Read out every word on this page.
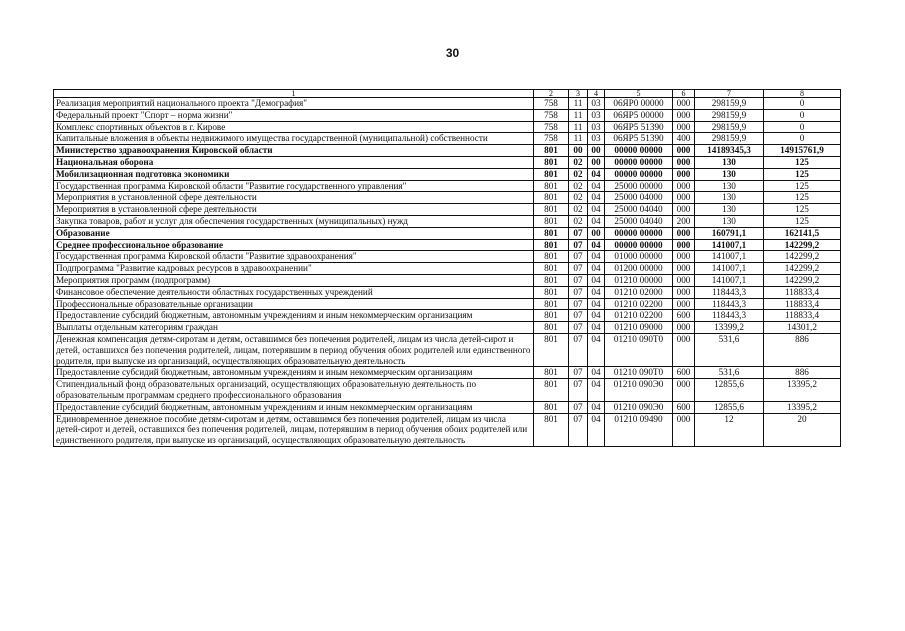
30
1	2	3	4	5	6	7	8
Реализация мероприятий национального проекта "Демография"	758	11	03	06ЯР0 00000	000	298159,9	0
Федеральный проект "Спорт – норма жизни"	758	11	03	06ЯР5 00000	000	298159,9	0
Комплекс спортивных объектов в г. Кирове	758	11	03	06ЯР5 51390	000	298159,9	0
Капитальные вложения в объекты недвижимого имущества государственной (муниципальной) собственности	758	11	03	06ЯР5 51390	400	298159,9	0
Министерство здравоохранения Кировской области	801	00	00	00000 00000	000	14189345,3	14915761,9
Национальная оборона	801	02	00	00000 00000	000	130	125
Мобилизационная подготовка экономики	801	02	04	00000 00000	000	130	125
Государственная программа Кировской области "Развитие государственного управления"	801	02	04	25000 00000	000	130	125
Мероприятия в установленной сфере деятельности	801	02	04	25000 04000	000	130	125
Мероприятия в установленной сфере деятельности	801	02	04	25000 04040	000	130	125
Закупка товаров, работ и услуг для обеспечения государственных (муниципальных) нужд	801	02	04	25000 04040	200	130	125
Образование	801	07	00	00000 00000	000	160791,1	162141,5
Среднее профессиональное образование	801	07	04	00000 00000	000	141007,1	142299,2
Государственная программа Кировской области "Развитие здравоохранения"	801	07	04	01000 00000	000	141007,1	142299,2
Подпрограмма "Развитие кадровых ресурсов в здравоохранении"	801	07	04	01200 00000	000	141007,1	142299,2
Мероприятия программ (подпрограмм)	801	07	04	01210 00000	000	141007,1	142299,2
Финансовое обеспечение деятельности областных государственных учреждений	801	07	04	01210 02000	000	118443,3	118833,4
Профессиональные образовательные организации	801	07	04	01210 02200	000	118443,3	118833,4
Предоставление субсидий бюджетным, автономным учреждениям и иным некоммерческим организациям	801	07	04	01210 02200	600	118443,3	118833,4
Выплаты отдельным категориям граждан	801	07	04	01210 09000	000	13399,2	14301,2
Денежная компенсация детям-сиротам и детям, оставшимся без попечения родителей, лицам из числа детей-сирот и детей, оставшихся без попечения родителей, лицам, потерявшим в период обучения обоих родителей или единственного родителя, при выпуске из организаций, осуществляющих образовательную деятельность	801	07	04	01210 090Т0	000	531,6	886
Предоставление субсидий бюджетным, автономным учреждениям и иным некоммерческим организациям	801	07	04	01210 090Т0	600	531,6	886
Стипендиальный фонд образовательных организаций, осуществляющих образовательную деятельность по образовательным программам среднего профессионального образования	801	07	04	01210 090Э0	000	12855,6	13395,2
Предоставление субсидий бюджетным, автономным учреждениям и иным некоммерческим организациям	801	07	04	01210 090Э0	600	12855,6	13395,2
Единовременное денежное пособие детям-сиротам и детям, оставшимся без попечения родителей, лицам из числа детей-сирот и детей, оставшихся без попечения родителей, лицам, потерявшим в период обучения обоих родителей или единственного родителя, при выпуске из организаций, осуществляющих образовательную деятельность	801	07	04	01210 09490	000	12	20
